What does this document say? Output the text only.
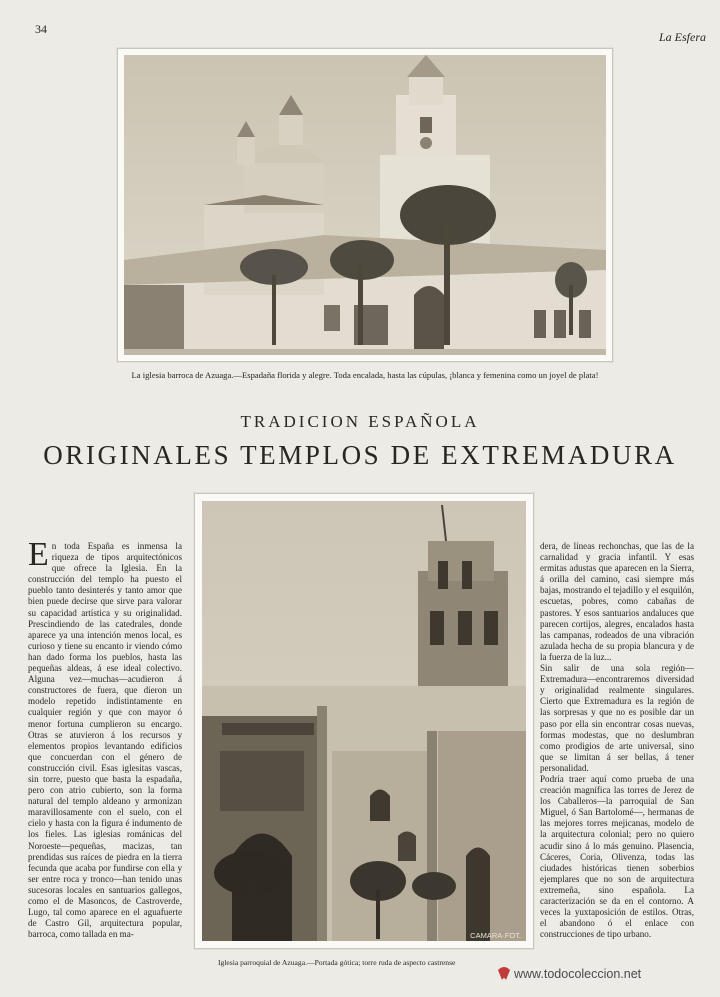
34
La Esfera
La iglesia barroca de Azuaga.—Espadaña florida y alegre. Toda encalada, hasta las cúpulas, ¡blanca y femenina como un joyel de plata!
TRADICION ESPAÑOLA
ORIGINALES TEMPLOS DE EXTREMADURA
CAMARA·FOT.
Iglesia parroquial de Azuaga.—Portada gótica; torre ruda de aspecto castrense
En toda España es inmensa la riqueza de tipos arquitectónicos que ofrece la Iglesia. En la construcción del templo ha puesto el pueblo tanto desinterés y tanto amor que bien puede decirse que sirve para valorar su capacidad artística y su originalidad. Prescindiendo de las catedrales, donde aparece ya una intención menos local, es curioso y tiene su encanto ir viendo cómo han dado forma los pueblos, hasta las pequeñas aldeas, á ese ideal colectivo. Alguna vez—muchas—acudieron á constructores de fuera, que dieron un modelo repetido indistintamente en cualquier región y que con mayor ó menor fortuna cumplieron su encargo. Otras se atuvieron á los recursos y elementos propios levantando edificios que concuerdan con el género de construcción civil. Esas iglesitas vascas, sin torre, puesto que basta la espadaña, pero con atrio cubierto, son la forma natural del templo aldeano y armonizan maravillosamente con el suelo, con el cielo y hasta con la figura é indumento de los fieles. Las iglesias románicas del Noroeste—pequeñas, macizas, tan prendidas sus raíces de piedra en la tierra fecunda que acaba por fundirse con ella y ser entre roca y tronco—han tenido unas sucesoras locales en santuarios gallegos, como el de Masoncos, de Castroverde, Lugo, tal como aparece en el aguafuerte de Castro Gil, arquitectura popular, barroca, como tallada en ma-
dera, de líneas rechonchas, que las de la carnalidad y gracia infantil. Y esas ermitas adustas que aparecen en la Sierra, á orilla del camino, casi siempre más bajas, mostrando el tejadillo y el esquilón, escuetas, pobres, como cabañas de pastores. Y esos santuarios andaluces que parecen cortijos, alegres, encalados hasta las campanas, rodeados de una vibración azulada hecha de su propia blancura y de la fuerza de la luz...
Sin salir de una sola región—Extremadura—encontraremos diversidad y originalidad realmente singulares. Cierto que Extremadura es la región de las sorpresas y que no es posible dar un paso por ella sin encontrar cosas nuevas, formas modestas, que no deslumbran como prodigios de arte universal, sino que se limitan á ser bellas, á tener personalidad.
Podría traer aquí como prueba de una creación magnífica las torres de Jerez de los Caballeros—la parroquial de San Miguel, ó San Bartolomé—, hermanas de las mejores torres mejicanas, modelo de la arquitectura colonial; pero no quiero acudir sino á lo más genuino. Plasencia, Cáceres, Coria, Olivenza, todas las ciudades históricas tienen soberbios ejemplares que no son de arquitectura extremeña, sino española. La caracterización se da en el contorno. A veces la yuxtaposición de estilos. Otras, el abandono ó el enlace con construcciones de tipo urbano.
www.todocoleccion.net
